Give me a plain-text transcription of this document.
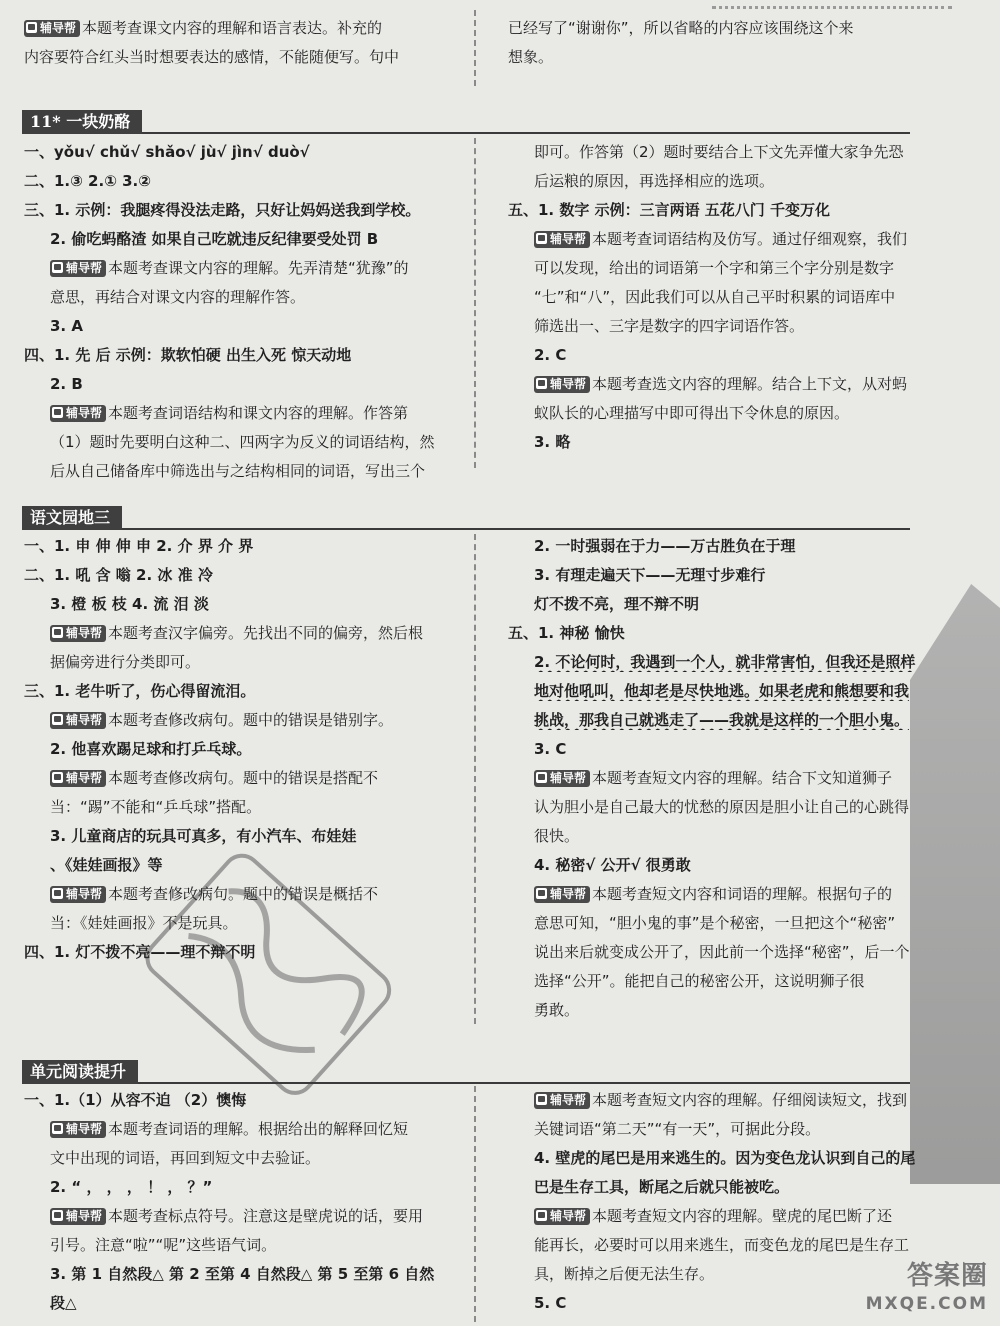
辅导帮 本题考查课文内容的理解和语言表达。补充的
内容要符合红头当时想要表达的感情，不能随便写。句中
已经写了“谢谢你”，所以省略的内容应该围绕这个来
想象。
11* 一块奶酪
一、yǒu√ chǔ√ shǎo√ jù√ jìn√ duò√
二、1.③ 2.① 3.②
三、1. 示例：我腿疼得没法走路，只好让妈妈送我到学校。
2. 偷吃蚂酪渣 如果自己吃就违反纪律要受处罚 B
辅导帮 本题考查课文内容的理解。先弄清楚“犹豫”的
意思，再结合对课文内容的理解作答。
3. A
四、1. 先 后 示例：欺软怕硬 出生入死 惊天动地
2. B
辅导帮 本题考查词语结构和课文内容的理解。作答第
（1）题时先要明白这种二、四两字为反义的词语结构，然
后从自己储备库中筛选出与之结构相同的词语，写出三个
即可。作答第（2）题时要结合上下文先弄懂大家争先恐
后运粮的原因，再选择相应的选项。
五、1. 数字 示例：三言两语 五花八门 千变万化
辅导帮 本题考查词语结构及仿写。通过仔细观察，我们
可以发现，给出的词语第一个字和第三个字分别是数字
“七”和“八”，因此我们可以从自己平时积累的词语库中
筛选出一、三字是数字的四字词语作答。
2. C
辅导帮 本题考查选文内容的理解。结合上下文，从对蚂
蚁队长的心理描写中即可得出下令休息的原因。
3. 略
语文园地三
一、1. 申 伸 伸 申 2. 介 界 介 界
二、1. 吼 含 嗡 2. 冰 准 冷
3. 橙 板 枝 4. 流 泪 淡
辅导帮 本题考查汉字偏旁。先找出不同的偏旁，然后根
据偏旁进行分类即可。
三、1. 老牛听了，伤心得留流泪。
辅导帮 本题考查修改病句。题中的错误是错别字。
2. 他喜欢踢足球和打乒乓球。
辅导帮 本题考查修改病句。题中的错误是搭配不
当：“踢”不能和“乒乓球”搭配。
3. 儿童商店的玩具可真多，有小汽车、布娃娃
、《娃娃画报》等
辅导帮 本题考查修改病句。题中的错误是概括不
当：《娃娃画报》不是玩具。
四、1. 灯不拨不亮——理不辩不明
2. 一时强弱在于力——万古胜负在于理
3. 有理走遍天下——无理寸步难行
灯不拨不亮，理不辩不明
五、1. 神秘 愉快
2. 不论何时，我遇到一个人，就非常害怕，但我还是照样
地对他吼叫，他却老是尽快地逃。如果老虎和熊想要和我
挑战，那我自己就逃走了——我就是这样的一个胆小鬼。
3. C
辅导帮 本题考查短文内容的理解。结合下文知道狮子
认为胆小是自己最大的忧愁的原因是胆小让自己的心跳得
很快。
4. 秘密√ 公开√ 很勇敢
辅导帮 本题考查短文内容和词语的理解。根据句子的
意思可知，“胆小鬼的事”是个秘密，一旦把这个“秘密”
说出来后就变成公开了，因此前一个选择“秘密”，后一个
选择“公开”。能把自己的秘密公开，这说明狮子很
勇敢。
单元阅读提升
一、1.（1）从容不迫 （2）懊悔
辅导帮 本题考查词语的理解。根据给出的解释回忆短
文中出现的词语，再回到短文中去验证。
2. “ ， ， ， ！ ， ？”
辅导帮 本题考查标点符号。注意这是壁虎说的话，要用
引号。注意“啦”“呢”这些语气词。
3. 第 1 自然段△ 第 2 至第 4 自然段△ 第 5 至第 6 自然
段△
辅导帮 本题考查短文内容的理解。仔细阅读短文，找到
关键词语“第二天”“有一天”，可据此分段。
4. 壁虎的尾巴是用来逃生的。因为变色龙认识到自己的尾
巴是生存工具，断尾之后就只能被吃。
辅导帮 本题考查短文内容的理解。壁虎的尾巴断了还
能再长，必要时可以用来逃生，而变色龙的尾巴是生存工
具，断掉之后便无法生存。
5. C
答案圈
MXQE.COM
